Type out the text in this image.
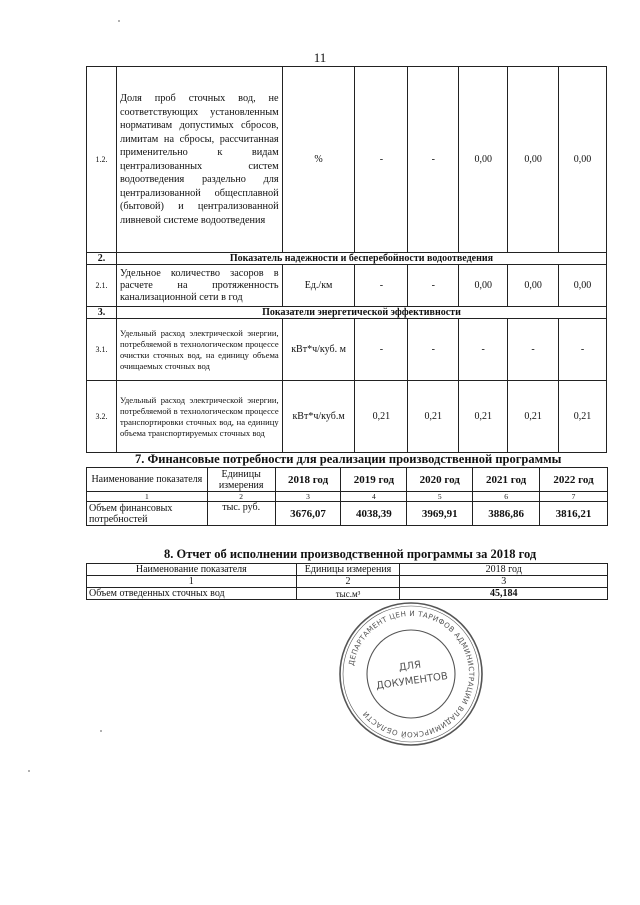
11
1.2.	Доля проб сточных вод, не соответствующих установленным нормативам допустимых сбросов, лимитам на сбросы, рассчитанная применительно к видам централизованных систем водоотведения раздельно для централизованной общесплавной (бытовой) и централизованной ливневой системе водоотведения	%	-	-	0,00	0,00	0,00
2.	Показатель надежности и бесперебойности водоотведения						
2.1.	Удельное количество засоров в расчете на протяженность канализационной сети в год	Ед./км	-	-	0,00	0,00	0,00
3.	Показатели энергетической эффективности						
3.1.	Удельный расход электрической энергии, потребляемой в технологическом процессе очистки сточных вод, на единицу объема очищаемых сточных вод	кВт*ч/куб. м	-	-	-	-	-
3.2.	Удельный расход электрической энергии, потребляемой в технологическом процессе транспортировки сточных вод, на единицу объема транспортируемых сточных вод	кВт*ч/куб.м	0,21	0,21	0,21	0,21	0,21
7. Финансовые потребности для реализации производственной программы
Наименование показателя	Единицы измерения	2018 год	2019 год	2020 год	2021 год	2022 год
1	2	3	4	5	6	7
Объем финансовых потребностей	тыс. руб.	3676,07	4038,39	3969,91	3886,86	3816,21
8. Отчет об исполнении производственной программы за 2018 год
Наименование показателя	Единицы измерения	2018 год
1	2	3
Объем отведенных сточных вод	тыс.м³	45,184
ДЕПАРТАМЕНТ ЦЕН И ТАРИФОВ АДМИНИСТРАЦИИ ВЛАДИМИРСКОЙ ОБЛАСТИ
ДЛЯ
ДОКУМЕНТОВ
